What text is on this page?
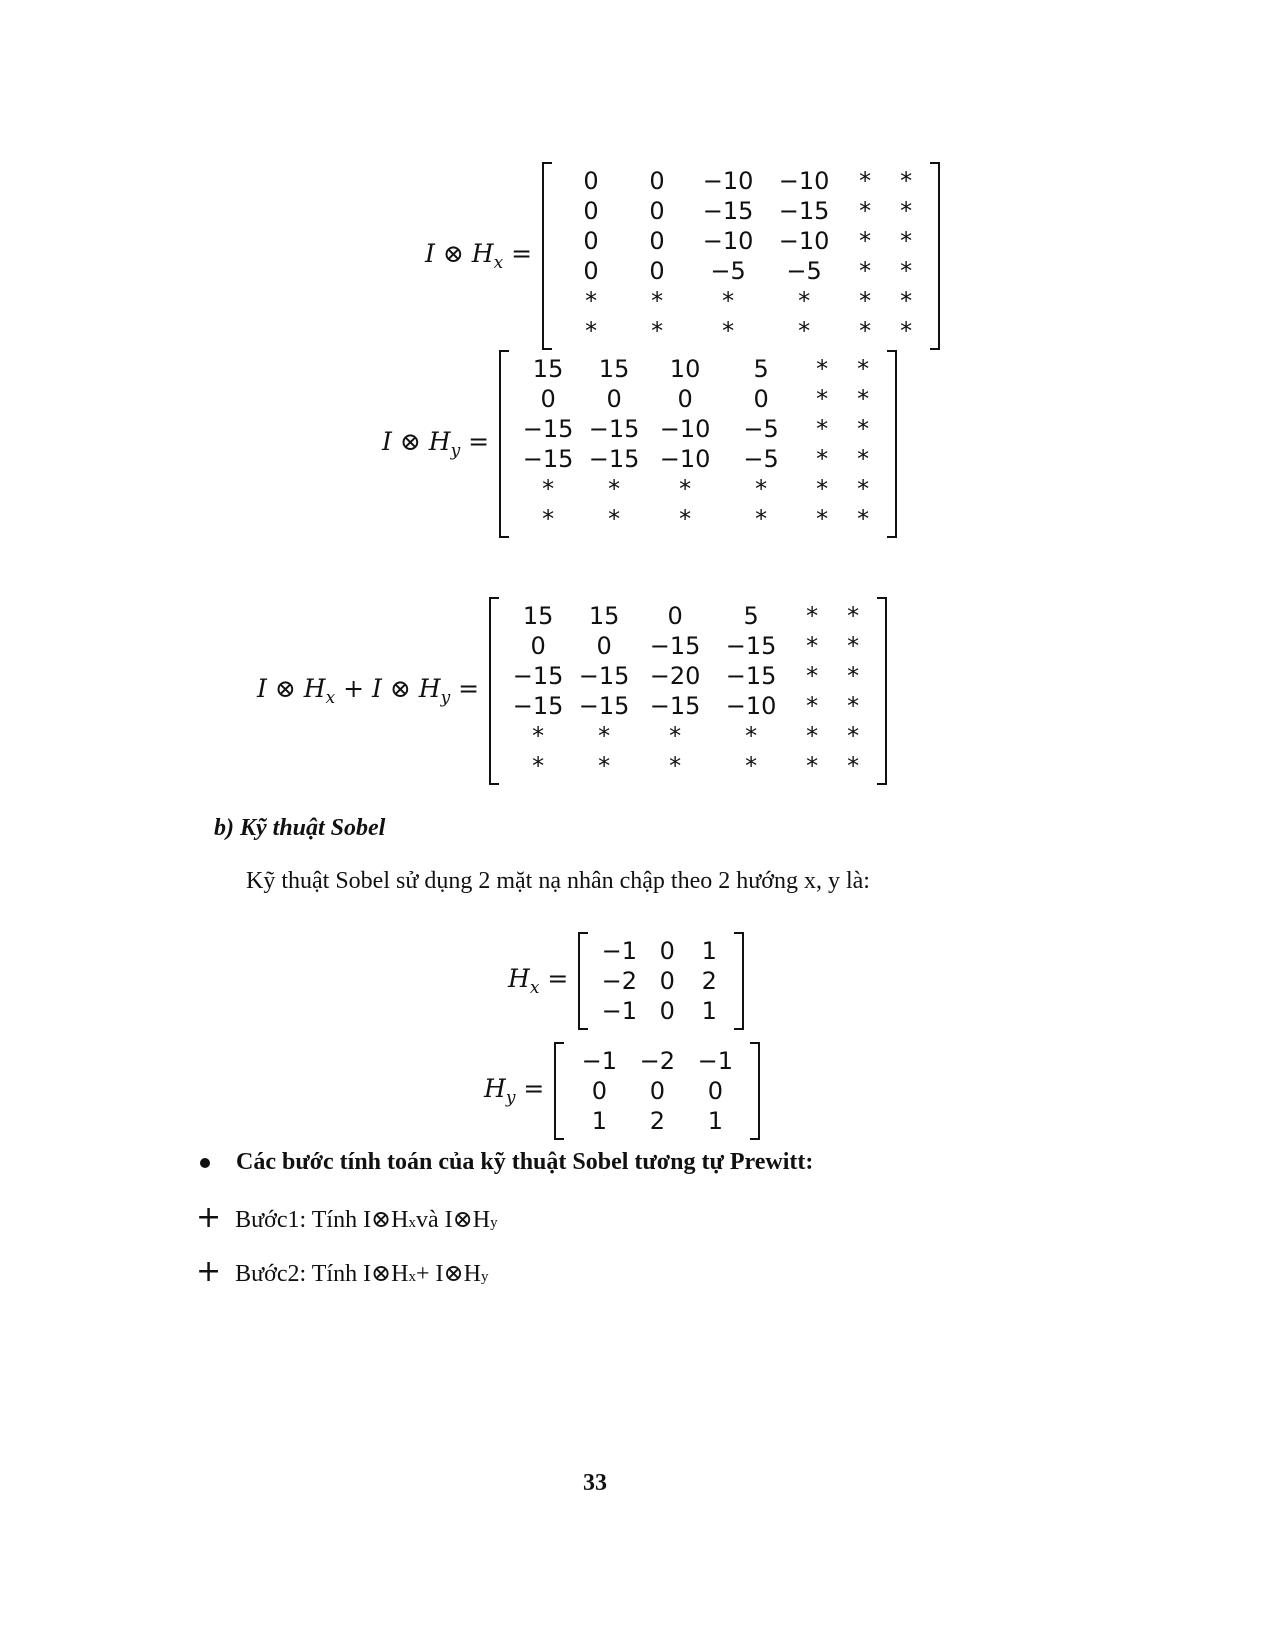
I ⊗ $H_x$ =
0	0	−10	−10	*	*
0	0	−15	−15	*	*
0	0	−10	−10	*	*
0	0	−5	−5	*	*
*	*	*	*	*	*
*	*	*	*	*	*
I ⊗ $H_y$ =
15	15	10	5	*	*
0	0	0	0	*	*
−15 −15 −10	−5	*	*
−15 −15 −10	−5	*	*
*	*	*	*	*	*
*	*	*	*	*	*
I ⊗ $H_x + I$ ⊗ $H_y$ =
15	15	0	5	*	*
0	0	−15	−15	*	*
−15 −15 −20	−15	*	*
−15 −15 −15	−10	*	*
*	*	*	*	*	*
*	*	*	*	*	*
b) Kỹ thuật Sobel
Kỹ thuật Sobel sử dụng 2 mặt nạ nhân chập theo 2 hướng x, y là:
$H_x$ =
−1 0	1
−2 0	2
−1 0	1
$H_y$ =
−1 −2 −1
0	0	0
1	2	1
Các bước tính toán của kỹ thuật Sobel tương tự Prewitt:
+ Bước1: Tính I⊗H x và I⊗H y
+ Bước2: Tính I⊗H x + I⊗H y
33
